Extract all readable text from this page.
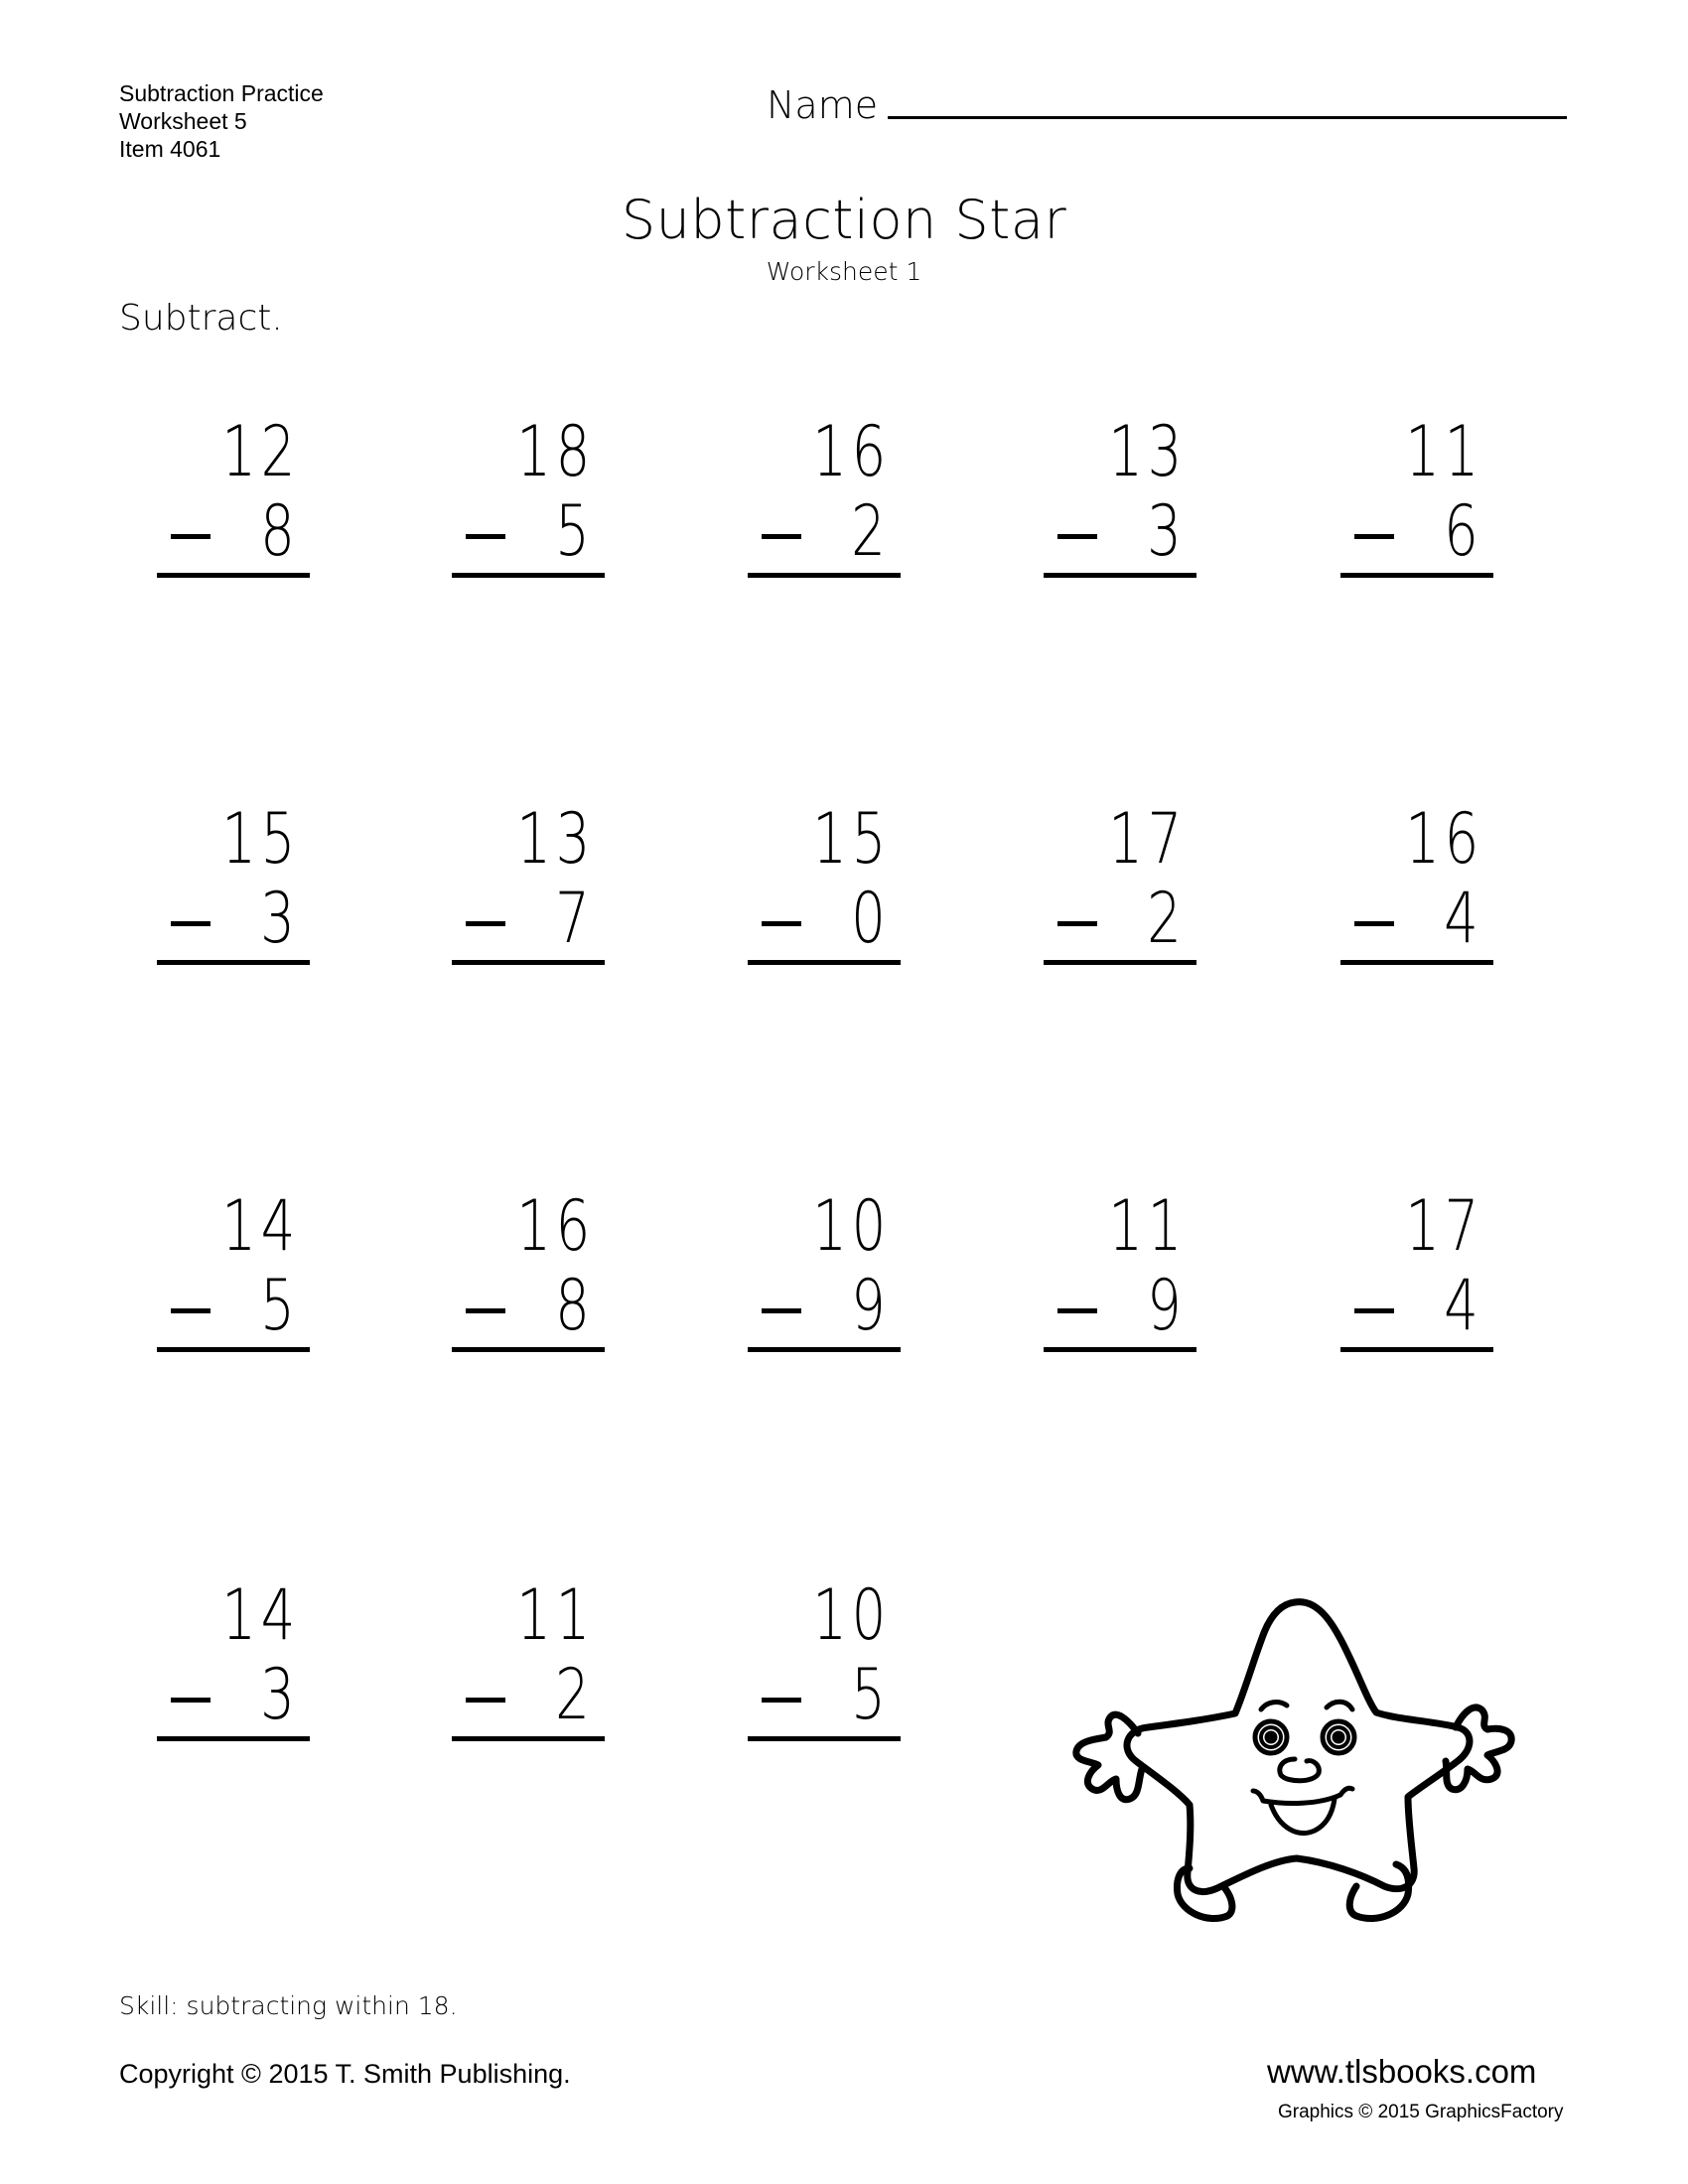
Subtraction Practice
Worksheet 5
Item 4061
Name
Subtraction Star
Worksheet 1
Subtract.
12
8
18
5
16
2
13
3
11
6
15
3
13
7
15
0
17
2
16
4
14
5
16
8
10
9
11
9
17
4
14
3
11
2
10
5
Skill: subtracting within 18.
Copyright © 2015 T. Smith Publishing.	www.tlsbooks.com
Graphics © 2015 GraphicsFactory
